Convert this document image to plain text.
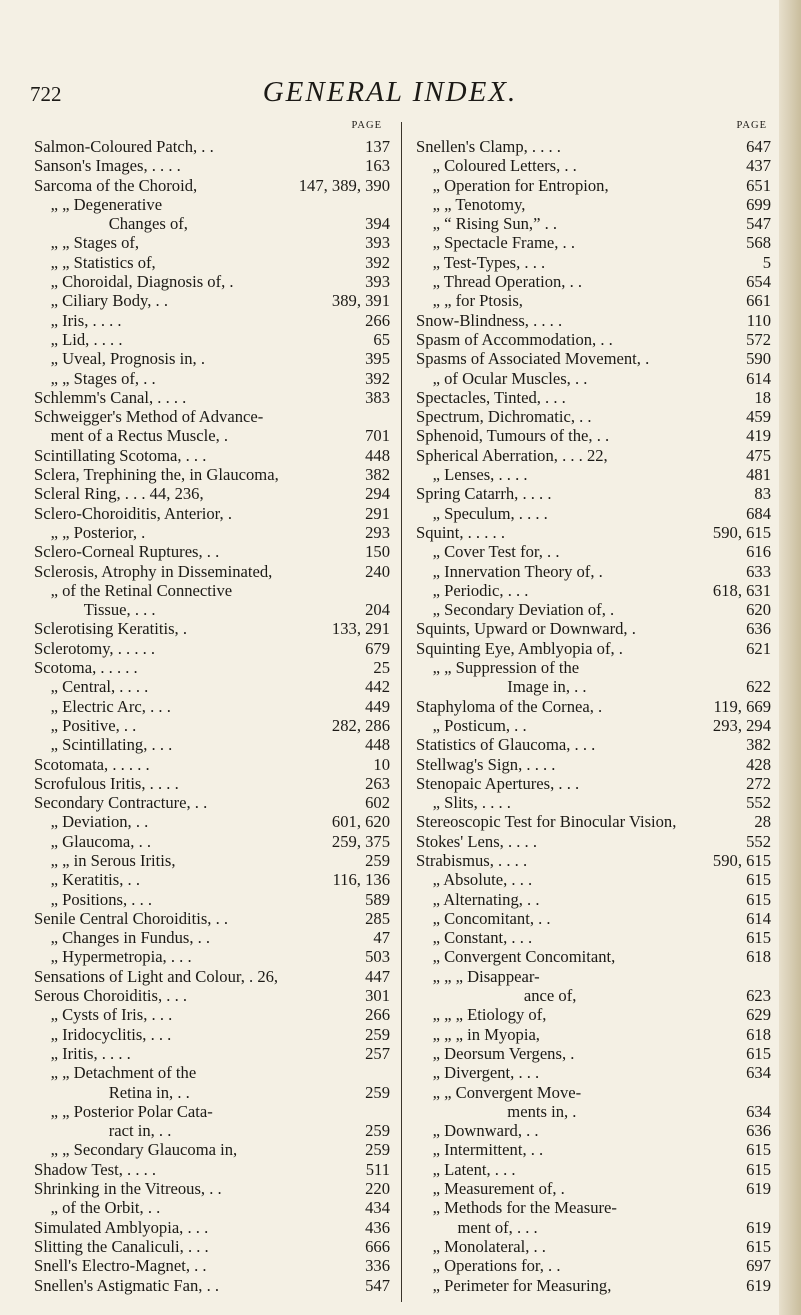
722	GENERAL INDEX.
PAGE
Salmon-Coloured Patch, . .	137
Sanson's Images, . . . .	163
Sarcoma of the Choroid,	147, 389, 390
„ „ Degenerative
Changes of,	394
„ „ Stages of,	393
„ „ Statistics of,	392
„ Choroidal, Diagnosis of, .	393
„ Ciliary Body, . .	389, 391
„ Iris, . . . .	266
„ Lid, . . . .	65
„ Uveal, Prognosis in, .	395
„ „ Stages of, . .	392
Schlemm's Canal, . . . .	383
Schweigger's Method of Advance-
ment of a Rectus Muscle, .	701
Scintillating Scotoma, . . .	448
Sclera, Trephining the, in Glaucoma,	382
Scleral Ring, . . . 44, 236,	294
Sclero-Choroiditis, Anterior, .	291
„ „ Posterior, .	293
Sclero-Corneal Ruptures, . .	150
Sclerosis, Atrophy in Disseminated,	240
„ of the Retinal Connective
Tissue, . . .	204
Sclerotising Keratitis, .	133, 291
Sclerotomy, . . . . .	679
Scotoma, . . . . .	25
„ Central, . . . .	442
„ Electric Arc, . . .	449
„ Positive, . .	282, 286
„ Scintillating, . . .	448
Scotomata, . . . . .	10
Scrofulous Iritis, . . . .	263
Secondary Contracture, . .	602
„ Deviation, . .	601, 620
„ Glaucoma, . .	259, 375
„ „ in Serous Iritis,	259
„ Keratitis, . .	116, 136
„ Positions, . . .	589
Senile Central Choroiditis, . .	285
„ Changes in Fundus, . .	47
„ Hypermetropia, . . .	503
Sensations of Light and Colour, . 26,	447
Serous Choroiditis, . . .	301
„ Cysts of Iris, . . .	266
„ Iridocyclitis, . . .	259
„ Iritis, . . . .	257
„ „ Detachment of the
Retina in, . .	259
„ „ Posterior Polar Cata-
ract in, . .	259
„ „ Secondary Glaucoma in,	259
Shadow Test, . . . .	511
Shrinking in the Vitreous, . .	220
„ of the Orbit, . .	434
Simulated Amblyopia, . . .	436
Slitting the Canaliculi, . . .	666
Snell's Electro-Magnet, . .	336
Snellen's Astigmatic Fan, . .	547
PAGE
Snellen's Clamp, . . . .	647
„ Coloured Letters, . .	437
„ Operation for Entropion,	651
„ „ Tenotomy,	699
„ “ Rising Sun,” . .	547
„ Spectacle Frame, . .	568
„ Test-Types, . . .	5
„ Thread Operation, . .	654
„ „ for Ptosis,	661
Snow-Blindness, . . . .	110
Spasm of Accommodation, . .	572
Spasms of Associated Movement, .	590
„ of Ocular Muscles, . .	614
Spectacles, Tinted, . . .	18
Spectrum, Dichromatic, . .	459
Sphenoid, Tumours of the, . .	419
Spherical Aberration, . . . 22,	475
„ Lenses, . . . .	481
Spring Catarrh, . . . .	83
„ Speculum, . . . .	684
Squint, . . . . .	590, 615
„ Cover Test for, . .	616
„ Innervation Theory of, .	633
„ Periodic, . . .	618, 631
„ Secondary Deviation of, .	620
Squints, Upward or Downward, .	636
Squinting Eye, Amblyopia of, .	621
„ „ Suppression of the
Image in, . .	622
Staphyloma of the Cornea, .	119, 669
„ Posticum, . .	293, 294
Statistics of Glaucoma, . . .	382
Stellwag's Sign, . . . .	428
Stenopaic Apertures, . . .	272
„ Slits, . . . .	552
Stereoscopic Test for Binocular Vision,	28
Stokes' Lens, . . . .	552
Strabismus, . . . .	590, 615
„ Absolute, . . .	615
„ Alternating, . .	615
„ Concomitant, . .	614
„ Constant, . . .	615
„ Convergent Concomitant,	618
„ „ „ Disappear-
ance of,	623
„ „ „ Etiology of,	629
„ „ „ in Myopia,	618
„ Deorsum Vergens, .	615
„ Divergent, . . .	634
„ „ Convergent Move-
ments in, .	634
„ Downward, . .	636
„ Intermittent, . .	615
„ Latent, . . .	615
„ Measurement of, .	619
„ Methods for the Measure-
ment of, . . .	619
„ Monolateral, . .	615
„ Operations for, . .	697
„ Perimeter for Measuring,	619
